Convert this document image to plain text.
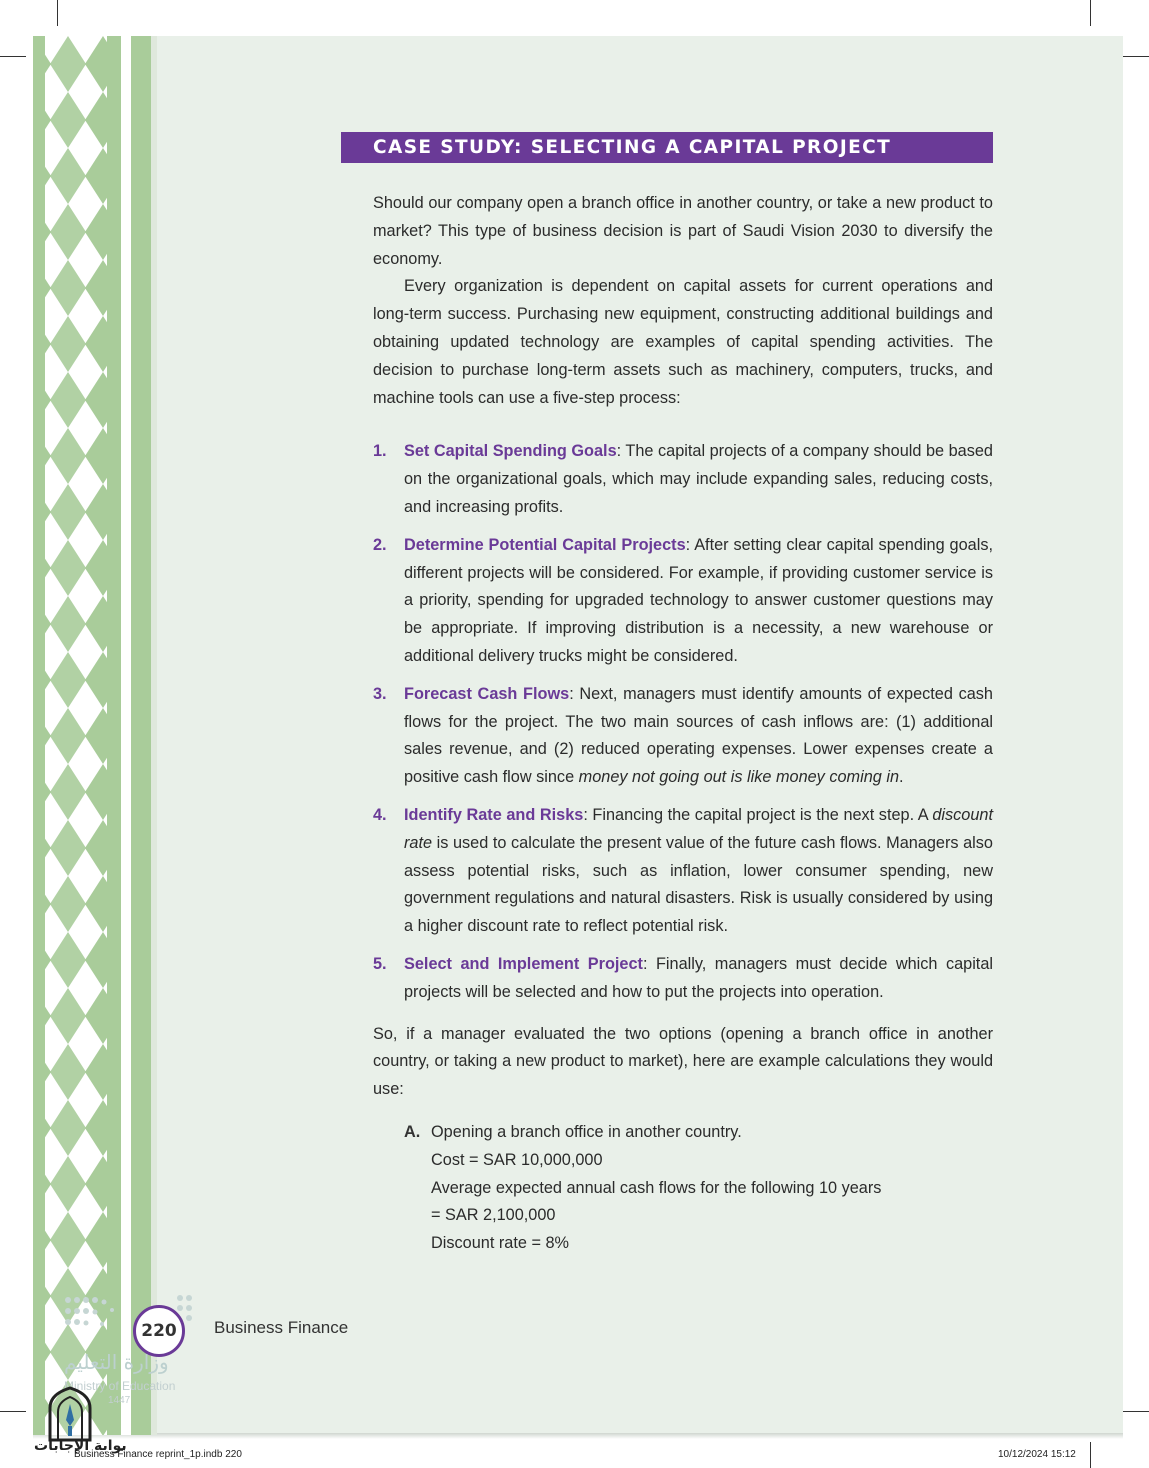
CASE STUDY: SELECTING A CAPITAL PROJECT

Should our company open a branch office in another country, or take a new product to market? This type of business decision is part of Saudi Vision 2030 to diversify the economy.

Every organization is dependent on capital assets for current operations and long-term success. Purchasing new equipment, constructing additional buildings and obtaining updated technology are examples of capital spending activities. The decision to purchase long-term assets such as machinery, computers, trucks, and machine tools can use a five-step process:

1. Set Capital Spending Goals: The capital projects of a company should be based on the organizational goals, which may include expanding sales, reducing costs, and increasing profits.
2. Determine Potential Capital Projects: After setting clear capital spending goals, different projects will be considered. For example, if providing customer service is a priority, spending for upgraded technology to answer customer questions may be appropriate. If improving distribution is a necessity, a new warehouse or additional delivery trucks might be considered.
3. Forecast Cash Flows: Next, managers must identify amounts of expected cash flows for the project. The two main sources of cash inflows are: (1) additional sales revenue, and (2) reduced operating expenses. Lower expenses create a positive cash flow since money not going out is like money coming in.
4. Identify Rate and Risks: Financing the capital project is the next step. A discount rate is used to calculate the present value of the future cash flows. Managers also assess potential risks, such as inflation, lower consumer spending, new government regulations and natural disasters. Risk is usually considered by using a higher discount rate to reflect potential risk.
5. Select and Implement Project: Finally, managers must decide which capital projects will be selected and how to put the projects into operation.

So, if a manager evaluated the two options (opening a branch office in another country, or taking a new product to market), here are example calculations they would use:

A. Opening a branch office in another country.
Cost = SAR 10,000,000
Average expected annual cash flows for the following 10 years
= SAR 2,100,000
Discount rate = 8%
220	Business Finance
وزارة التعليم
Ministry of Education
1447
بوابة الإجابات
Business Finance reprint_1p.indb 220	10/12/2024 15:12
